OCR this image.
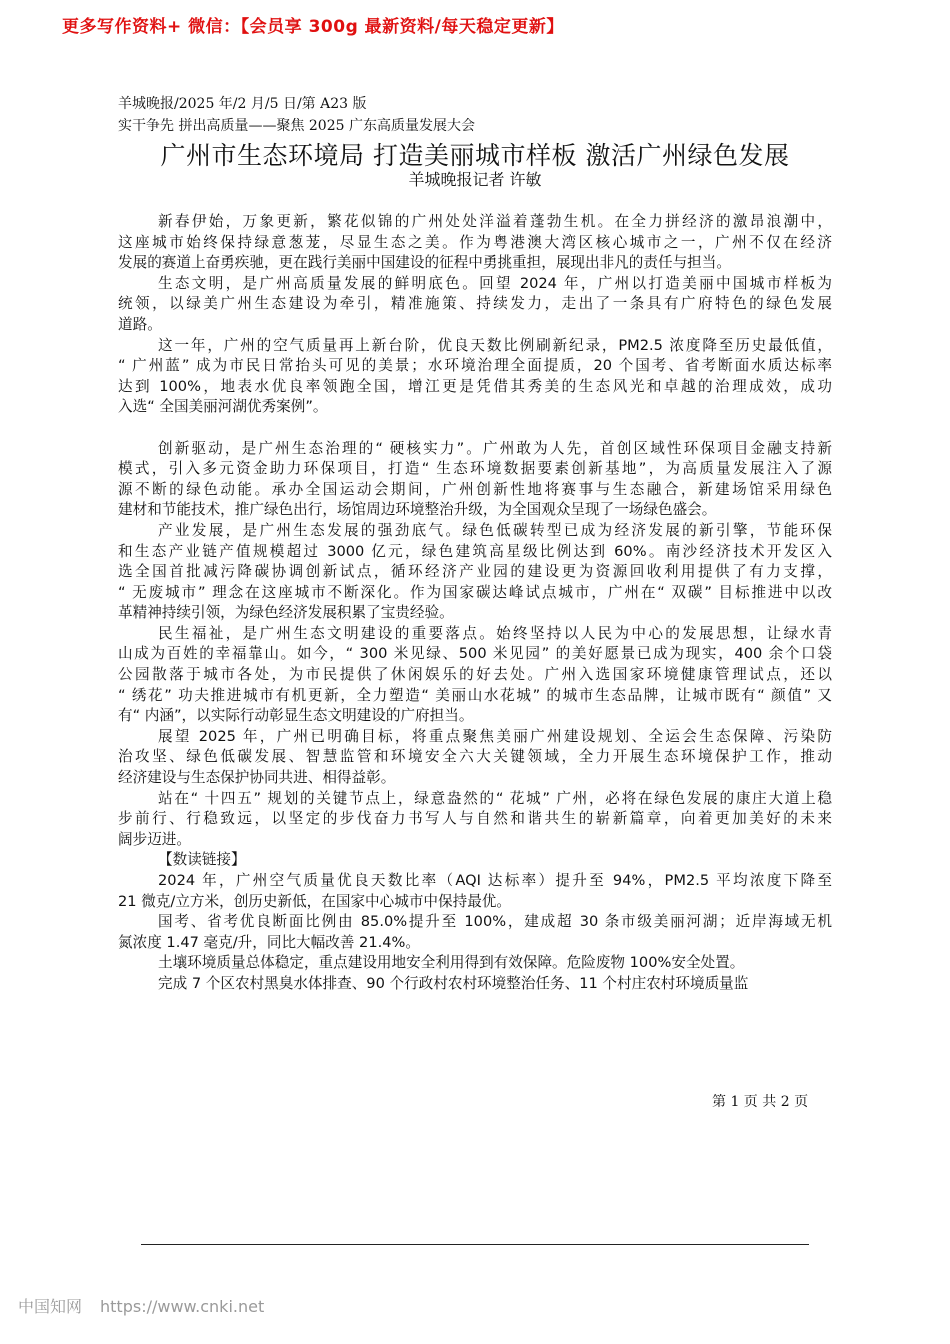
更多写作资料+ 微信：【会员享 300g 最新资料/每天稳定更新】
羊城晚报/2025 年/2 月/5 日/第 A23 版
实干争先 拼出高质量——聚焦 2025 广东高质量发展大会
广州市生态环境局 打造美丽城市样板 激活广州绿色发展
羊城晚报记者 许敏
新春伊始，万象更新，繁花似锦的广州处处洋溢着蓬勃生机。在全力拼经济的激昂浪潮中，
这座城市始终保持绿意葱茏，尽显生态之美。作为粤港澳大湾区核心城市之一，广州不仅在经济
发展的赛道上奋勇疾驰，更在践行美丽中国建设的征程中勇挑重担，展现出非凡的责任与担当。
生态文明，是广州高质量发展的鲜明底色。回望 2024 年，广州以打造美丽中国城市样板为
统领，以绿美广州生态建设为牵引，精准施策、持续发力，走出了一条具有广府特色的绿色发展
道路。
这一年，广州的空气质量再上新台阶，优良天数比例刷新纪录，PM2.5 浓度降至历史最低值，
“ 广州蓝” 成为市民日常抬头可见的美景；水环境治理全面提质，20 个国考、省考断面水质达标率
达到 100%，地表水优良率领跑全国，增江更是凭借其秀美的生态风光和卓越的治理成效，成功
入选“ 全国美丽河湖优秀案例”。
创新驱动，是广州生态治理的“ 硬核实力”。广州敢为人先，首创区域性环保项目金融支持新
模式，引入多元资金助力环保项目，打造“ 生态环境数据要素创新基地”，为高质量发展注入了源
源不断的绿色动能。承办全国运动会期间，广州创新性地将赛事与生态融合，新建场馆采用绿色
建材和节能技术，推广绿色出行，场馆周边环境整治升级，为全国观众呈现了一场绿色盛会。
产业发展，是广州生态发展的强劲底气。绿色低碳转型已成为经济发展的新引擎，节能环保
和生态产业链产值规模超过 3000 亿元，绿色建筑高星级比例达到 60%。南沙经济技术开发区入
选全国首批减污降碳协调创新试点，循环经济产业园的建设更为资源回收利用提供了有力支撑，
“ 无废城市” 理念在这座城市不断深化。作为国家碳达峰试点城市，广州在“ 双碳” 目标推进中以改
革精神持续引领，为绿色经济发展积累了宝贵经验。
民生福祉，是广州生态文明建设的重要落点。始终坚持以人民为中心的发展思想，让绿水青
山成为百姓的幸福靠山。如今，“ 300 米见绿、500 米见园” 的美好愿景已成为现实，400 余个口袋
公园散落于城市各处，为市民提供了休闲娱乐的好去处。广州入选国家环境健康管理试点，还以
“ 绣花” 功夫推进城市有机更新，全力塑造“ 美丽山水花城” 的城市生态品牌，让城市既有“ 颜值” 又
有“ 内涵”，以实际行动彰显生态文明建设的广府担当。
展望 2025 年，广州已明确目标，将重点聚焦美丽广州建设规划、全运会生态保障、污染防
治攻坚、绿色低碳发展、智慧监管和环境安全六大关键领域，全力开展生态环境保护工作，推动
经济建设与生态保护协同共进、相得益彰。
站在“ 十四五” 规划的关键节点上，绿意盎然的“ 花城” 广州，必将在绿色发展的康庄大道上稳
步前行、行稳致远，以坚定的步伐奋力书写人与自然和谐共生的崭新篇章，向着更加美好的未来
阔步迈进。
【数读链接】
2024 年，广州空气质量优良天数比率（AQI 达标率）提升至 94%，PM2.5 平均浓度下降至
21 微克/立方米，创历史新低，在国家中心城市中保持最优。
国考、省考优良断面比例由 85.0%提升至 100%，建成超 30 条市级美丽河湖；近岸海域无机
氮浓度 1.47 毫克/升，同比大幅改善 21.4%。
土壤环境质量总体稳定，重点建设用地安全利用得到有效保障。危险废物 100%安全处置。
完成 7 个区农村黑臭水体排查、90 个行政村农村环境整治任务、11 个村庄农村环境质量监
第 1 页 共 2 页
中国知网 https://www.cnki.net
